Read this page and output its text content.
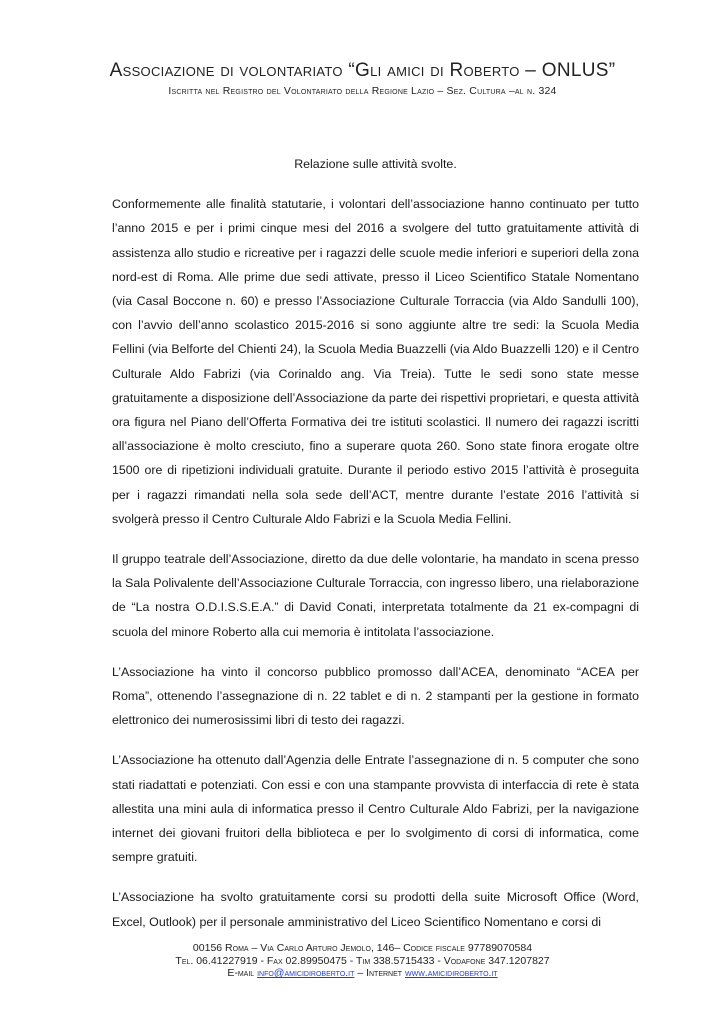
Associazione di volontariato “Gli amici di Roberto – ONLUS”
Iscritta nel Registro del Volontariato della Regione Lazio – Sez. Cultura –al n. 324
Relazione sulle attività svolte.

Conformemente alle finalità statutarie, i volontari dell’associazione hanno continuato per tutto l’anno 2015 e per i primi cinque mesi del 2016 a svolgere del tutto gratuitamente attività di assistenza allo studio e ricreative per i ragazzi delle scuole medie inferiori e superiori della zona nord-est di Roma. Alle prime due sedi attivate, presso il Liceo Scientifico Statale Nomentano (via Casal Boccone n. 60) e presso l’Associazione Culturale Torraccia (via Aldo Sandulli 100), con l’avvio dell’anno scolastico 2015-2016 si sono aggiunte altre tre sedi: la Scuola Media Fellini (via Belforte del Chienti 24), la Scuola Media Buazzelli (via Aldo Buazzelli 120) e il Centro Culturale Aldo Fabrizi (via Corinaldo ang. Via Treia). Tutte le sedi sono state messe gratuitamente a disposizione dell’Associazione da parte dei rispettivi proprietari, e questa attività ora figura nel Piano dell’Offerta Formativa dei tre istituti scolastici. Il numero dei ragazzi iscritti all’associazione è molto cresciuto, fino a superare quota 260. Sono state finora erogate oltre 1500 ore di ripetizioni individuali gratuite. Durante il periodo estivo 2015 l’attività è proseguita per i ragazzi rimandati nella sola sede dell’ACT, mentre durante l’estate 2016 l’attività si svolgerà presso il Centro Culturale Aldo Fabrizi e la Scuola Media Fellini.

Il gruppo teatrale dell’Associazione, diretto da due delle volontarie, ha mandato in scena presso la Sala Polivalente dell’Associazione Culturale Torraccia, con ingresso libero, una rielaborazione de “La nostra O.D.I.S.S.E.A.” di David Conati, interpretata totalmente da 21 ex-compagni di scuola del minore Roberto alla cui memoria è intitolata l’associazione.

L’Associazione ha vinto il concorso pubblico promosso dall’ACEA, denominato “ACEA per Roma”, ottenendo l’assegnazione di n. 22 tablet e di n. 2 stampanti per la gestione in formato elettronico dei numerosissimi libri di testo dei ragazzi.

L’Associazione ha ottenuto dall’Agenzia delle Entrate l’assegnazione di n. 5 computer che sono stati riadattati e potenziati. Con essi e con una stampante provvista di interfaccia di rete è stata allestita una mini aula di informatica presso il Centro Culturale Aldo Fabrizi, per la navigazione internet dei giovani fruitori della biblioteca e per lo svolgimento di corsi di informatica, come sempre gratuiti.

L’Associazione ha svolto gratuitamente corsi su prodotti della suite Microsoft Office (Word, Excel, Outlook) per il personale amministrativo del Liceo Scientifico Nomentano e corsi di

00156 Roma – Via Carlo Arturo Jemolo, 146– Codice fiscale 97789070584
Tel. 06.41227919 - Fax 02.89950475 - Tim 338.5715433 - Vodafone 347.1207827
E-mail info@amicidiroberto.it – Internet www.amicidiroberto.it
